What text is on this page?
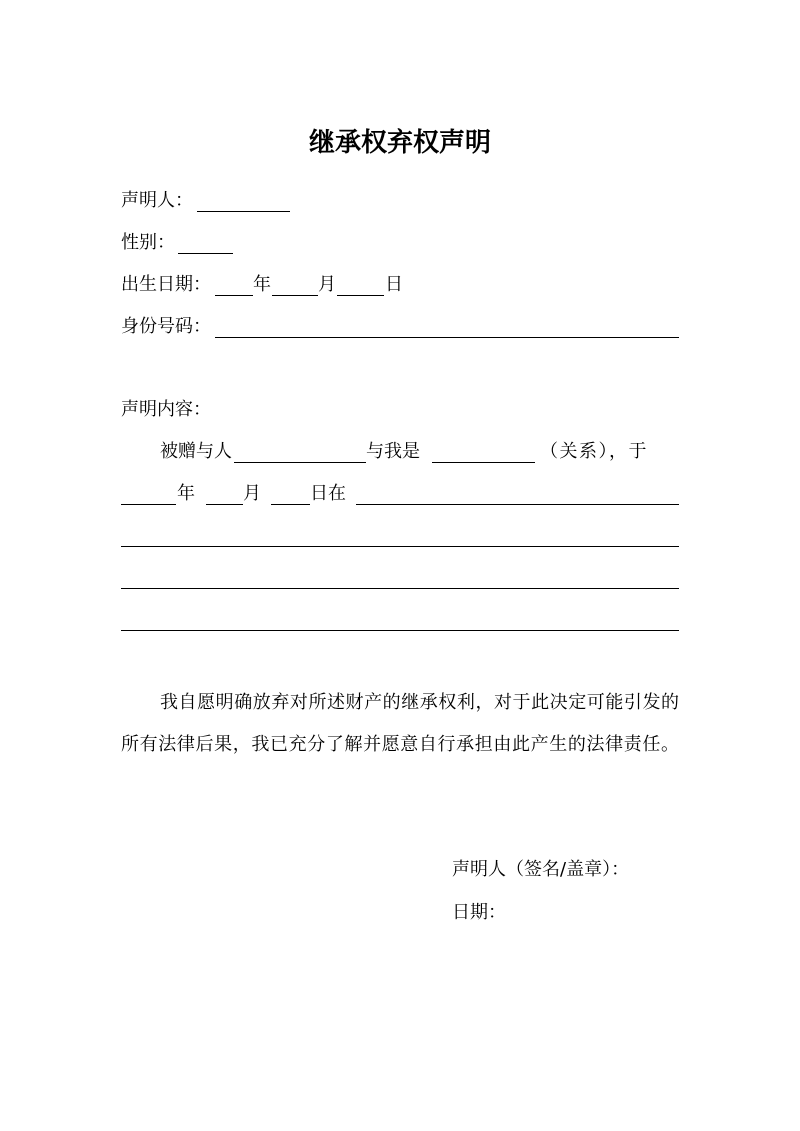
继承权弃权声明
声明人：
性别：
出生日期： 年	月	日
身份号码：
声明内容：
被赠与人	与我是	（关系），于
年	月	日在
我自愿明确放弃对所述财产的继承权利，对于此决定可能引发的
所有法律后果，我已充分了解并愿意自行承担由此产生的法律责任。
声明人（签名/盖章）：
日期：
